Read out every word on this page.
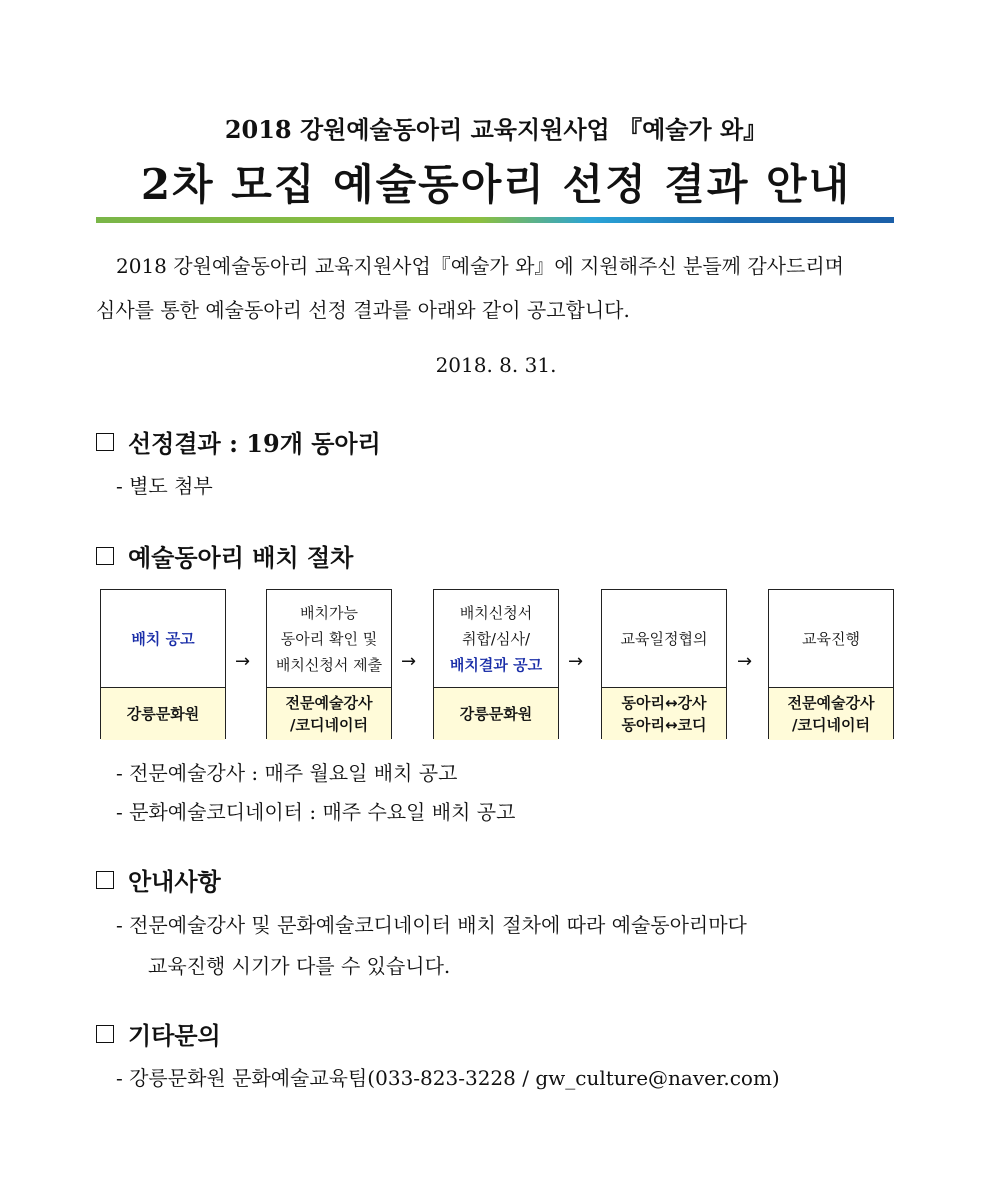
2018 강원예술동아리 교육지원사업 『예술가 와』
2차 모집 예술동아리 선정 결과 안내
2018 강원예술동아리 교육지원사업『예술가 와』에 지원해주신 분들께 감사드리며
심사를 통한 예술동아리 선정 결과를 아래와 같이 공고합니다.
2018. 8. 31.
선정결과 : 19개 동아리
- 별도 첨부
예술동아리 배치 절차
배치 공고
강릉문화원
→
배치가능
동아리 확인 및
배치신청서 제출
전문예술강사
/코디네이터
→
배치신청서
취합/심사/
배치결과 공고
강릉문화원
→
교육일정협의
동아리↔강사
동아리↔코디
→
교육진행
전문예술강사
/코디네이터
- 전문예술강사 : 매주 월요일 배치 공고
- 문화예술코디네이터 : 매주 수요일 배치 공고
안내사항
- 전문예술강사 및 문화예술코디네이터 배치 절차에 따라 예술동아리마다
교육진행 시기가 다를 수 있습니다.
기타문의
- 강릉문화원 문화예술교육팀(033-823-3228 / gw_culture@naver.com)
